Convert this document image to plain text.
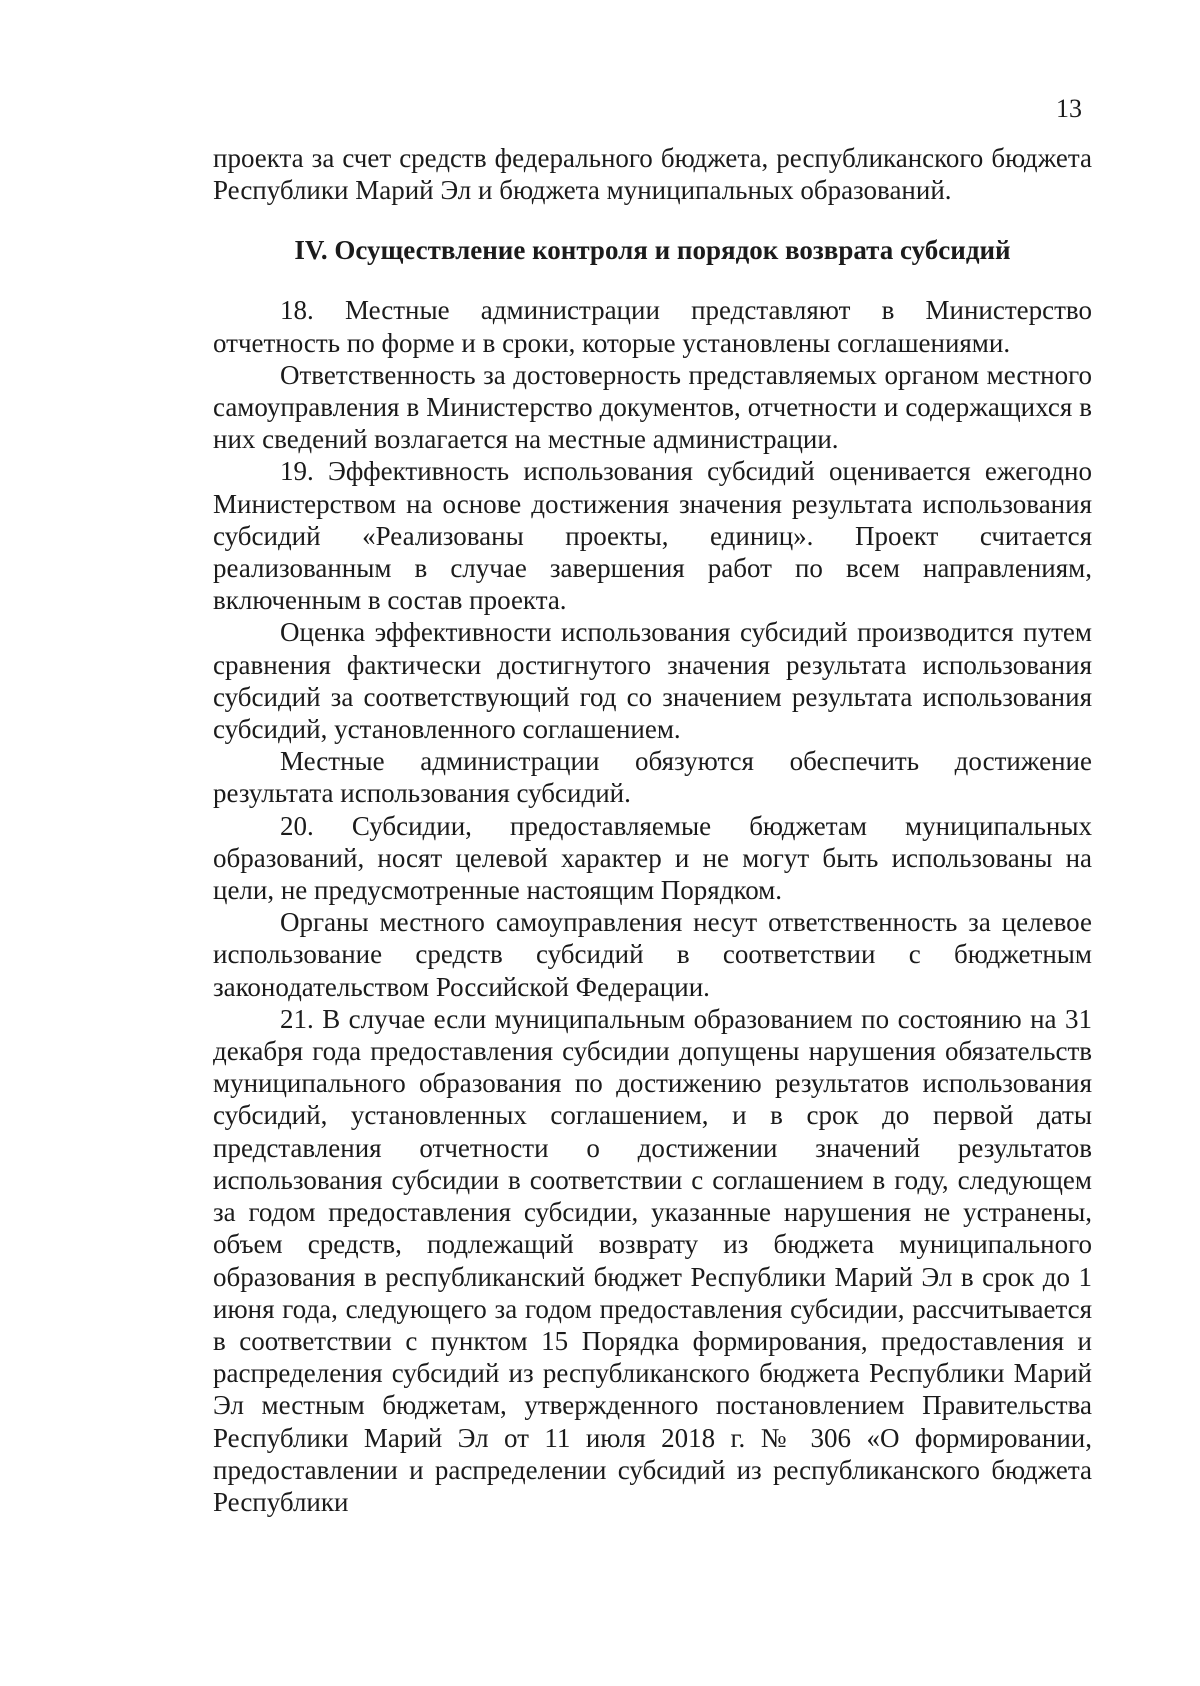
13

проекта за счет средств федерального бюджета, республиканского бюджета Республики Марий Эл и бюджета муниципальных образований.

IV. Осуществление контроля и порядок возврата субсидий

18. Местные администрации представляют в Министерство отчетность по форме и в сроки, которые установлены соглашениями.

Ответственность за достоверность представляемых органом местного самоуправления в Министерство документов, отчетности и содержащихся в них сведений возлагается на местные администрации.

19. Эффективность использования субсидий оценивается ежегодно Министерством на основе достижения значения результата использования субсидий «Реализованы проекты, единиц». Проект считается реализованным в случае завершения работ по всем направлениям, включенным в состав проекта.

Оценка эффективности использования субсидий производится путем сравнения фактически достигнутого значения результата использования субсидий за соответствующий год со значением результата использования субсидий, установленного соглашением.

Местные администрации обязуются обеспечить достижение результата использования субсидий.

20. Субсидии, предоставляемые бюджетам муниципальных образований, носят целевой характер и не могут быть использованы на цели, не предусмотренные настоящим Порядком.

Органы местного самоуправления несут ответственность за целевое использование средств субсидий в соответствии с бюджетным законодательством Российской Федерации.

21. В случае если муниципальным образованием по состоянию на 31 декабря года предоставления субсидии допущены нарушения обязательств муниципального образования по достижению результатов использования субсидий, установленных соглашением, и в срок до первой даты представления отчетности о достижении значений результатов использования субсидии в соответствии с соглашением в году, следующем за годом предоставления субсидии, указанные нарушения не устранены, объем средств, подлежащий возврату из бюджета муниципального образования в республиканский бюджет Республики Марий Эл в срок до 1 июня года, следующего за годом предоставления субсидии, рассчитывается в соответствии с пунктом 15 Порядка формирования, предоставления и распределения субсидий из республиканского бюджета Республики Марий Эл местным бюджетам, утвержденного постановлением Правительства Республики Марий Эл от 11 июля 2018 г. № 306 «О формировании, предоставлении и распределении субсидий из республиканского бюджета Республики
